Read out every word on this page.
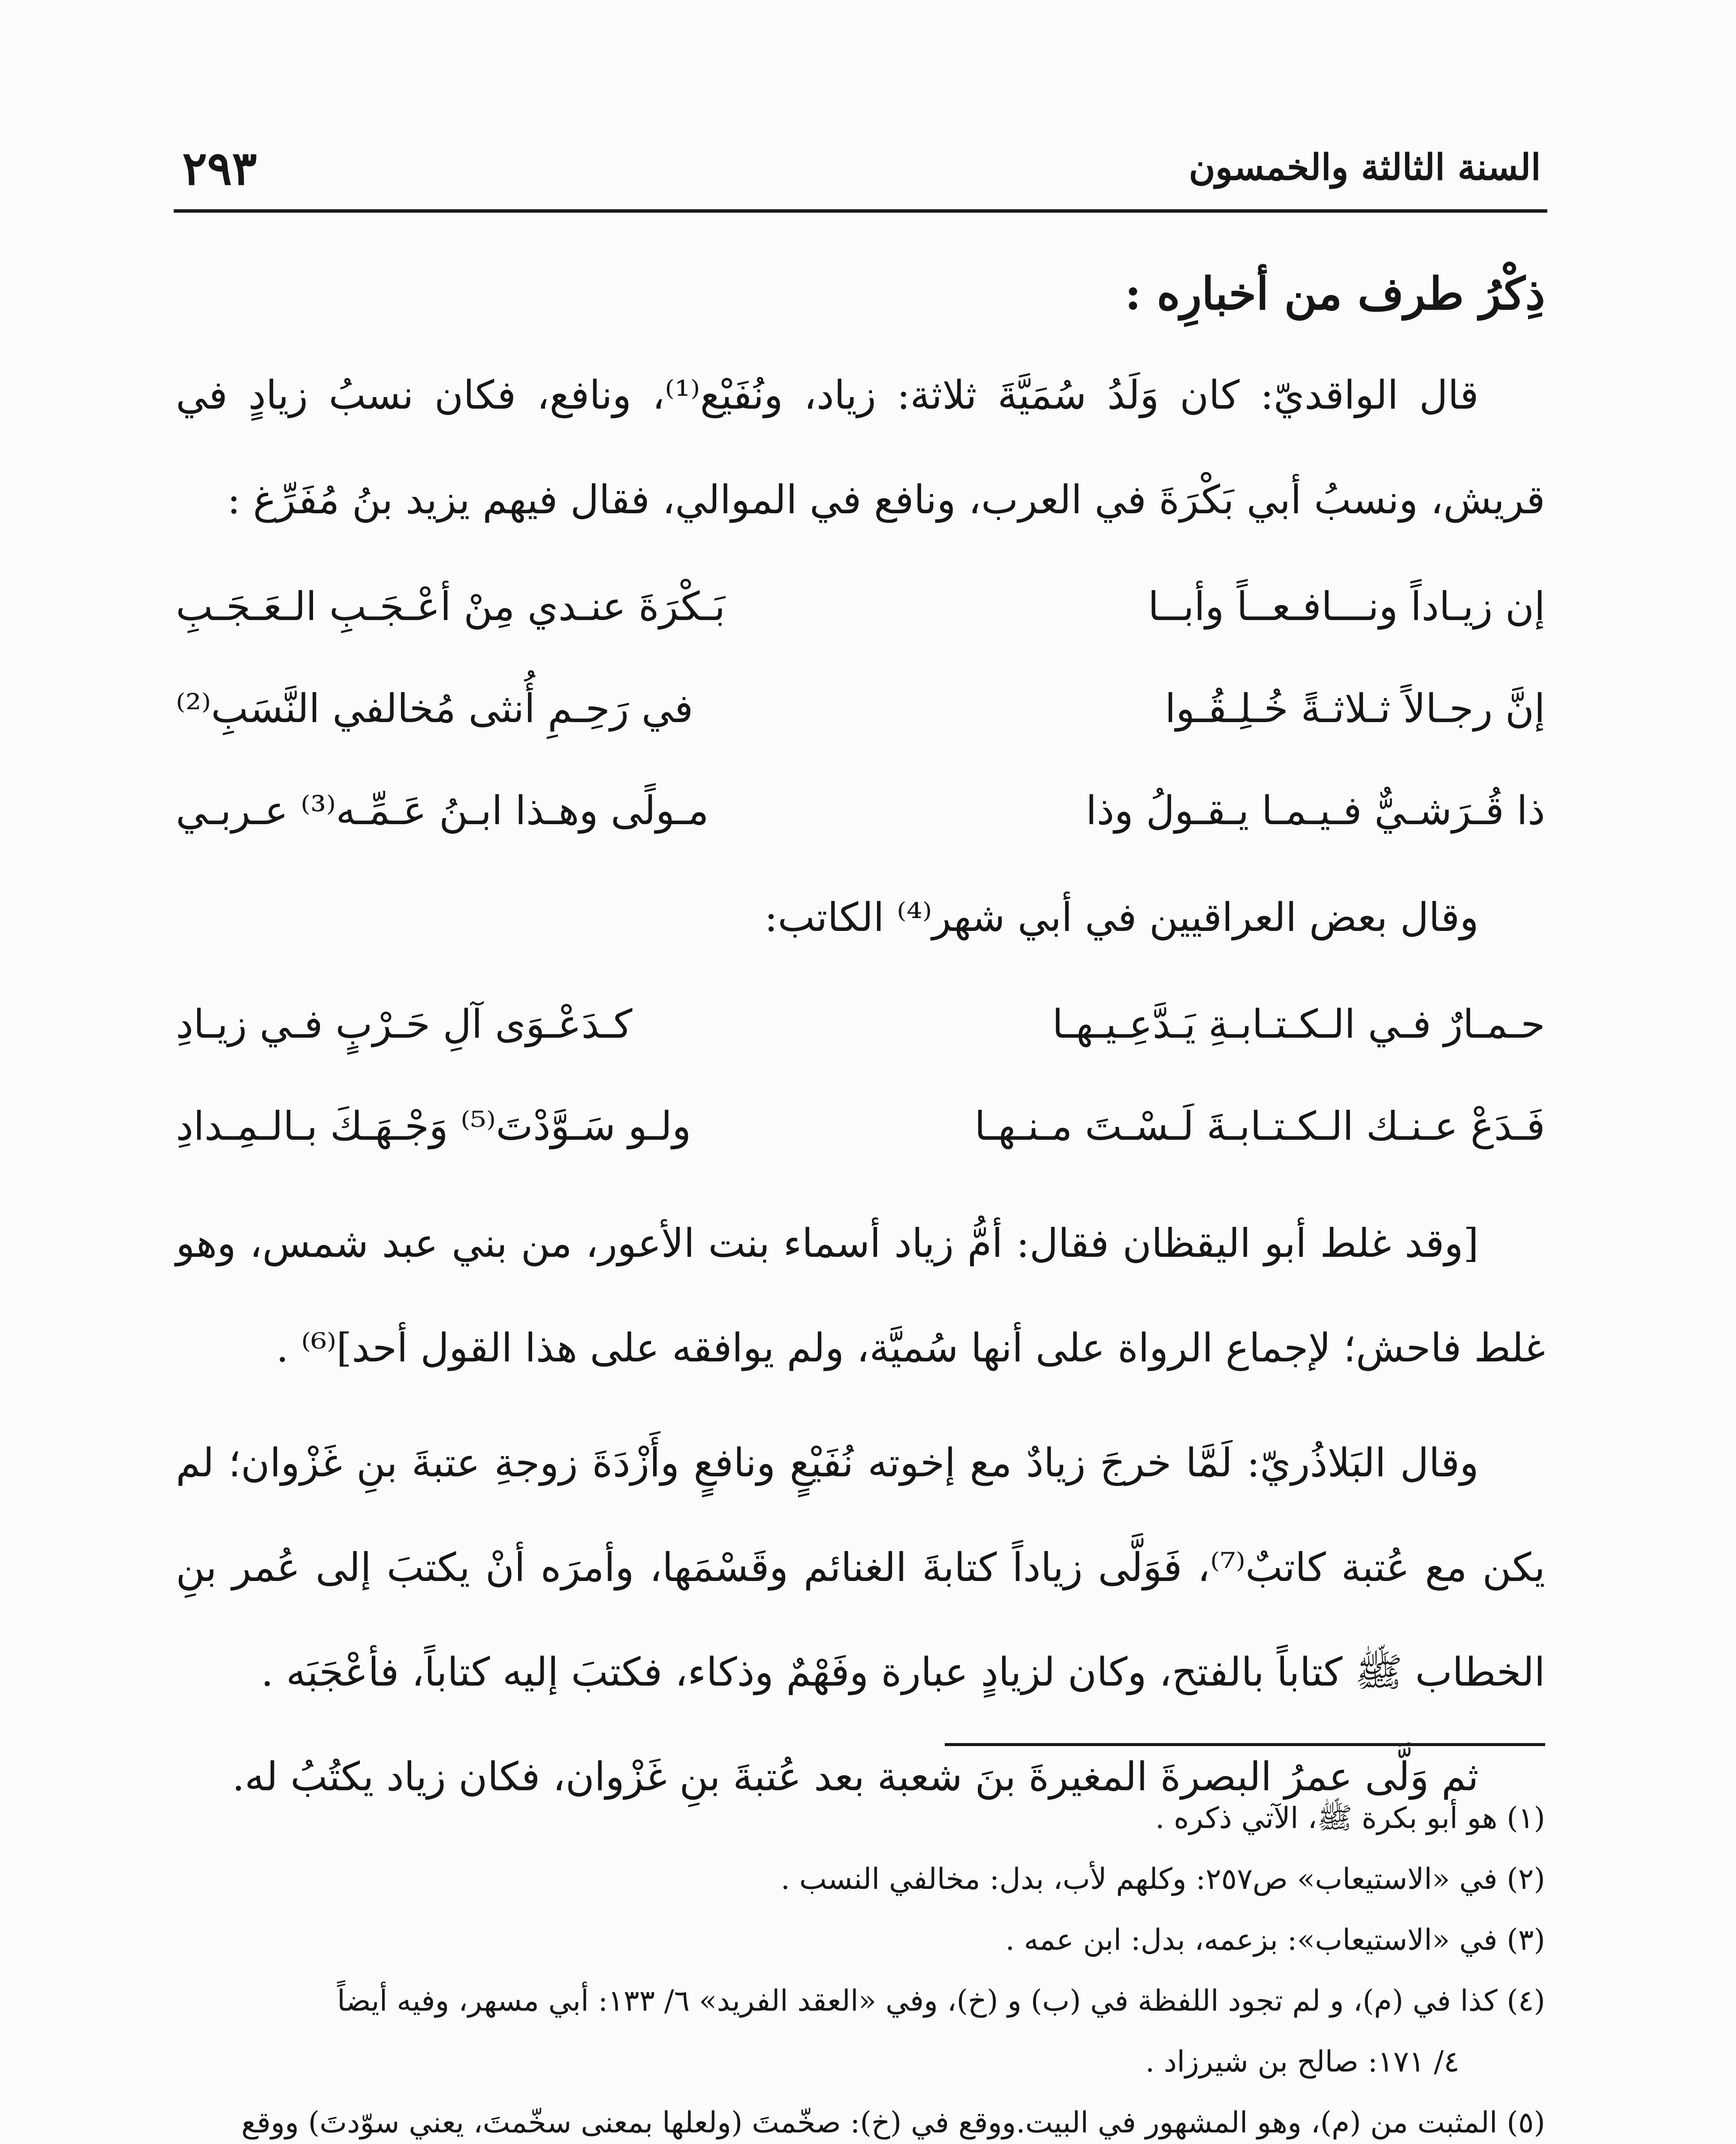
السنة الثالثة والخمسون
٢٩٣

ذِكْرُ طرف من أخبارِه :

قال الواقديّ: كان وَلَدُ سُمَيَّةَ ثلاثة: زياد، ونُفَيْع⁽¹⁾، ونافع، فكان نسبُ زيادٍ في قريش، ونسبُ أبي بَكْرَةَ في العرب، ونافع في الموالي، فقال فيهم يزيد بنُ مُفَرِّغ :

إن زيـاداً ونـــافـعــاً وأبــا
بَـكْرَةَ عنـدي مِنْ أعْـجَـبِ الـعَـجَـبِ
إنَّ رجـالاً ثـلاثـةً خُـلِـقُـوا
في رَحِـمِ أُنثى مُخالفي النَّسَبِ⁽²⁾
ذا قُـرَشـيٌّ فـيـمـا يـقـولُ وذا
مـولًى وهـذا ابـنُ عَـمِّـه⁽³⁾ عـربـي

وقال بعض العراقيين في أبي شهر⁽⁴⁾ الكاتب:

حـمـارٌ فـي الـكـتـابـةِ يَـدَّعِـيـهـا
كـدَعْـوَى آلِ حَـرْبٍ فـي زيـادِ
فَـدَعْ عـنـك الـكـتـابـةَ لَـسْـتَ مـنـهـا
ولـو سَـوَّدْتَ⁽⁵⁾ وَجْـهَـكَ بـالـمِـدادِ

[وقد غلط أبو اليقظان فقال: أمُّ زياد أسماء بنت الأعور، من بني عبد شمس، وهو غلط فاحش؛ لإجماع الرواة على أنها سُميَّة، ولم يوافقه على هذا القول أحد]⁽⁶⁾ .

وقال البَلاذُريّ: لَمَّا خرجَ زيادٌ مع إخوته نُفَيْعٍ ونافعٍ وأَزْدَةَ زوجةِ عتبةَ بنِ غَزْوان؛ لم يكن مع عُتبة كاتبٌ⁽⁷⁾، فَوَلَّى زياداً كتابةَ الغنائم وقَسْمَها، وأمرَه أنْ يكتبَ إلى عُمر بنِ الخطاب ﷺ كتاباً بالفتح، وكان لزيادٍ عبارة وفَهْمٌ وذكاء، فكتبَ إليه كتاباً، فأعْجَبَه .

ثم وَلَّى عمرُ البصرةَ المغيرةَ بنَ شعبة بعد عُتبةَ بنِ غَزْوان، فكان زياد يكتُبُ له.

(١) هو أبو بكرة ﷺ، الآتي ذكره .

(٢) في «الاستيعاب» ص٢٥٧: وكلهم لأب، بدل: مخالفي النسب .

(٣) في «الاستيعاب»: بزعمه، بدل: ابن عمه .

(٤) كذا في (م)، و لم تجود اللفظة في (ب) و (خ)، وفي «العقد الفريد» ٦/ ١٣٣: أبي مسهر، وفيه أيضاً

٤/ ١٧١: صالح بن شيرزاد .

(٥) المثبت من (م)، وهو المشهور في البيت.ووقع في (خ): صخّمتَ (ولعلها بمعنى سخّمتَ، يعني سوّدتَ) ووقع
